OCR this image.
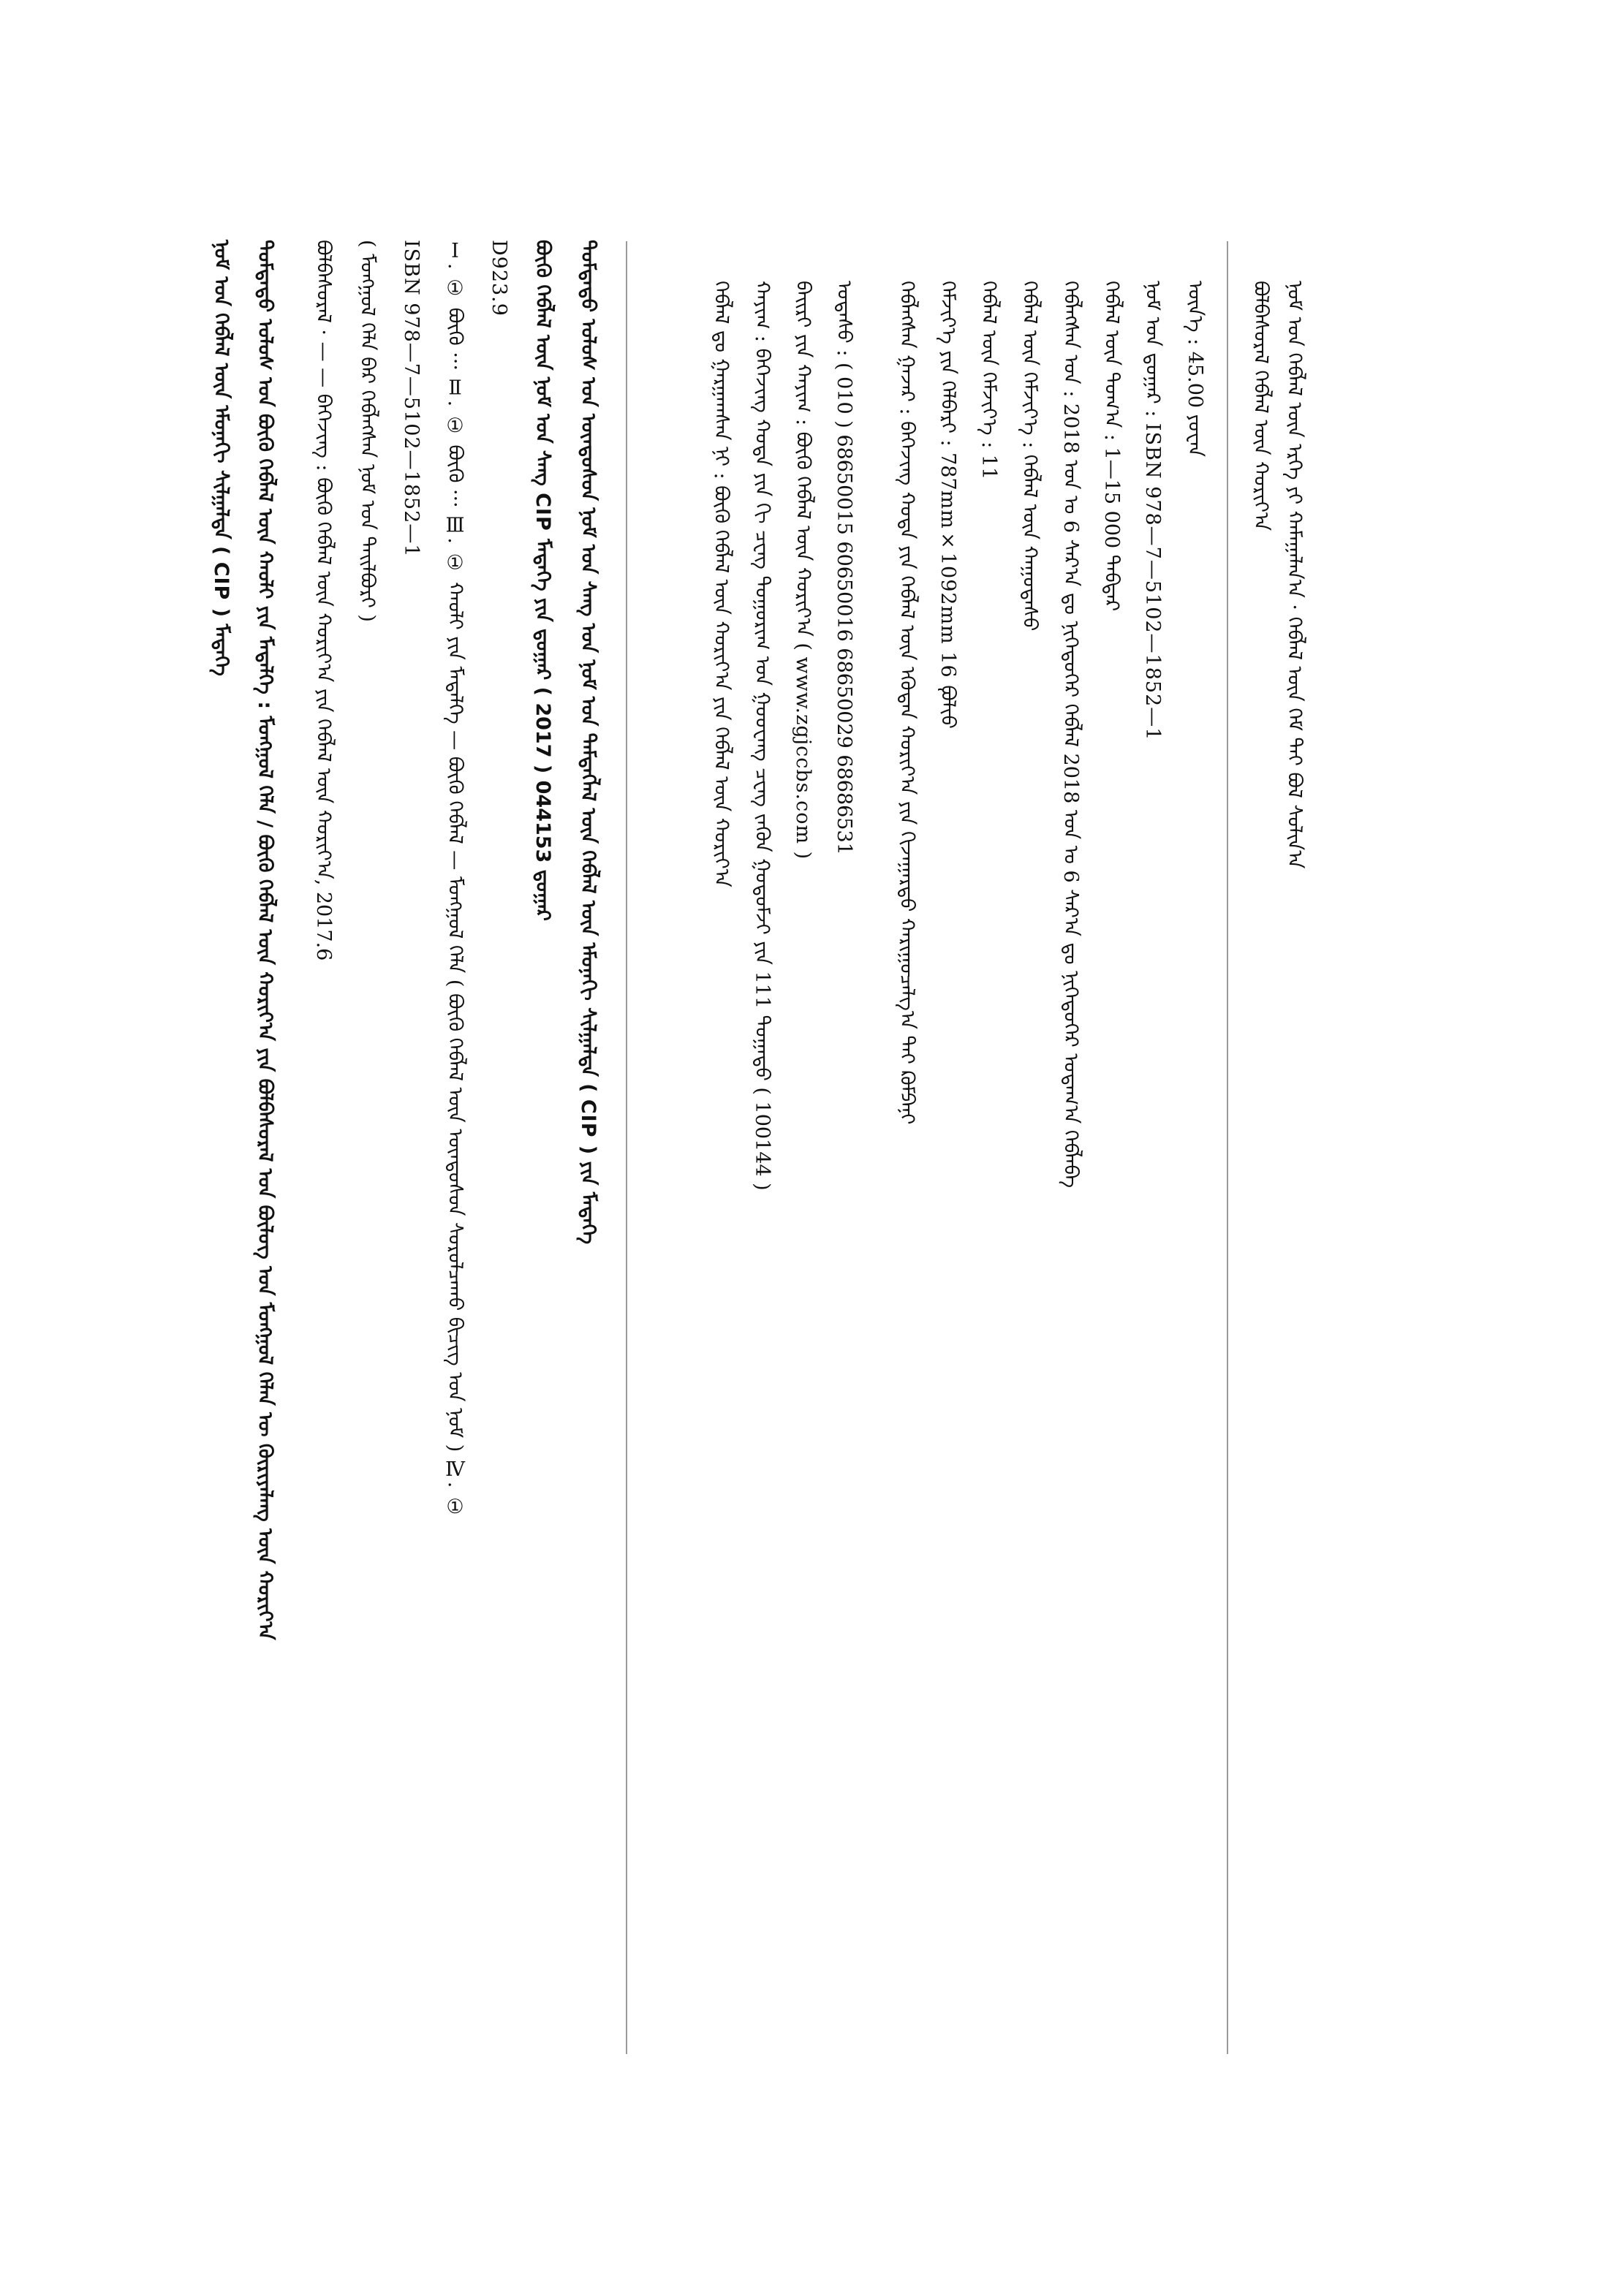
ᠨᠣᠮ ᠤᠨ ᠬᠡᠪᠯᠡᠯ ᠦᠨ ᠡᠷᠬᠡ ᠶᠢ ᠬᠠᠮᠠᠭᠠᠯᠠᠨ᠎ᠠ · ᠬᠡᠪᠯᠡᠯ ᠦᠨ ᠭᠡᠮ ᠲᠡᠢ ᠪᠣᠯ ᠰᠣᠯᠢᠨ᠎ᠠ
ᠪᠣᠯᠪᠠᠰᠤᠷᠠᠯ ᠬᠡᠪᠯᠡᠯ ᠦᠨ ᠬᠣᠷᠢᠶ᠎ᠠ
ᠦᠨ᠎ᠡ : 45.00 ᠶᠤᠸᠠᠨ
ᠨᠣᠮ ᠤᠨ ᠳ᠋ᠤᠭᠠᠷ : ISBN 978—7—5102—1852—1
ᠬᠡᠪᠯᠡᠯ ᠦᠨ ᠲᠣᠭ᠎ᠠ : 1—15 000 ᠳᠡᠪᠲᠡᠷ
ᠬᠡᠪᠯᠡᠭᠰᠡᠨ ᠣᠨ : 2018 ᠣᠨ ᠤ 6 ᠰᠠᠷ᠎ᠠ ᠳᠤ ᠨᠢᠭᠡᠳᠦᠭᠡᠷ ᠬᠡᠪᠯᠡᠯ 2018 ᠣᠨ ᠤ 6 ᠰᠠᠷ᠎ᠠ ᠳᠤ ᠨᠢᠭᠡᠳᠦᠭᠡᠷ ᠤᠳᠠᠭ᠎ᠠ ᠬᠡᠪᠯᠡᠪᠡ
ᠬᠡᠪᠯᠡᠯ ᠦᠨ ᠬᠡᠮᠵᠢᠶ᠎ᠡ : ᠬᠡᠪᠯᠡᠯ ᠦᠨ ᠬᠠᠭᠤᠳᠠᠰᠤ
ᠬᠡᠪᠯᠡᠯ ᠦᠨ ᠬᠡᠮᠵᠢᠶ᠎ᠡ : 11
ᠬᠡᠮᠵᠢᠶ᠎ᠡ ᠶᠢᠨ ᠬᠡᠯᠪᠡᠷᠢ : 787mm×1092mm 16 ᠹᠣᠯᠢᠣ
ᠬᠡᠪᠯᠡᠭᠰᠡᠨ ᠭᠠᠵᠠᠷ : ᠪᠡᠭᠡᠵᠢᠩ ᠬᠣᠳᠠ ᠶᠢᠨ ᠬᠡᠪᠯᠡᠯ ᠦᠨ ᠡᠭᠦᠳᠡᠨ ᠬᠣᠷᠢᠶ᠎ᠠ ᠶᠢᠨ ᠬᠢᠵᠠᠭᠠᠷᠲᠤ ᠬᠠᠷᠢᠭᠤᠴᠠᠯᠭ᠎ᠠ ᠲᠠᠢ ᠺᠣᠮᠫᠠᠨᠢ
ᠤᠲᠠᠰᠤ : ( 010 ) 68650015 60650016 68650029 68686531
ᠪᠠᠢᠷᠢ ᠶᠢᠨ ᠬᠠᠶᠢᠭ : ᠪᠦᠬᠦ ᠬᠡᠪᠯᠡᠯ ᠦᠨ ᠬᠣᠷᠢᠶ᠎ᠠ ( www.zgjccbs.com )
ᠬᠠᠶᠢᠭ : ᠪᠡᠭᠡᠵᠢᠩ ᠬᠣᠳᠠ ᠶᠢᠨ ᠬᠢ ᠴᠧᠩ ᠲᠣᠭᠣᠷᠢᠭ ᠤᠨ ᠭᠤᠤᠸᠠᠩ ᠴᠧᠩ ᠵᠡᠭᠦᠨ ᠭᠤᠳᠤᠮᠵᠢ ᠶᠢᠨ 111 ᠲᠣᠭᠠᠲᠤ ( 100144 )
ᠬᠡᠪᠯᠡᠯ ᠳᠤ ᠭᠠᠷᠭᠠᠭᠰᠠᠨ ᠨᠢ : ᠪᠦᠬᠦ ᠬᠡᠪᠯᠡᠯ ᠦᠨ ᠬᠣᠷᠢᠶ᠎ᠠ ᠶᠢᠨ ᠬᠡᠪᠯᠡᠯ ᠦᠨ ᠬᠣᠷᠢᠶ᠎ᠠ
ᠳᠤᠮᠳᠠᠳᠤ ᠤᠯᠤᠰ ᠤᠨ ᠦᠨᠳᠦᠰᠦᠨ ᠨᠣᠮ ᠤᠨ ᠰᠠᠩ ᠤᠨ ᠨᠣᠮ ᠤᠨ ᠲᠡᠮᠳᠡᠭᠯᠡᠯ ᠦᠨ ᠬᠡᠪᠯᠡᠯ ᠦᠨ ᠡᠮᠦᠨᠡᠬᠢ ᠰᠢᠯᠭᠠᠯᠲᠠ ( CIP ) ᠶᠢᠨ ᠮᠡᠳᠡᠭᠡ
ᠪᠦᠬᠦ ᠬᠡᠪᠯᠡᠯ ᠦᠨ ᠨᠣᠮ ᠤᠨ ᠰᠠᠩ CIP ᠮᠡᠳᠡᠭᠡ ᠶᠢᠨ ᠳ᠋ᠤᠭᠠᠷ ( 2017 ) 044153 ᠳ᠋ᠤᠭᠠᠷ
D923.9
Ⅰ. ① ᠪᠦᠬᠦ ··· Ⅱ. ① ᠪᠦᠬᠦ ··· Ⅲ. ① ᠬᠠᠤᠯᠢ ᠶᠢᠨ ᠮᠡᠳᠡᠯᠭᠡ — ᠪᠦᠬᠦ ᠬᠡᠪᠯᠡᠯ — ᠮᠣᠩᠭᠣᠯ ᠬᠡᠯᠡ ( ᠪᠦᠬᠦ ᠬᠡᠪᠯᠡᠯ ᠦᠨ ᠦᠨᠳᠦᠰᠦᠨ ᠰᠤᠷᠤᠯᠴᠠᠬᠤ ᠪᠢᠴᠢᠭ ᠤᠨ ᠨᠣᠮ ) Ⅳ. ①
ISBN 978—7—5102—1852—1
( ᠮᠣᠩᠭᠣᠯ ᠬᠡᠯᠡ ᠪᠡᠷ ᠬᠡᠪᠯᠡᠭᠰᠡᠨ ᠨᠣᠮ ᠤᠨ ᠲᠠᠢᠯᠪᠤᠷᠢ )
ᠪᠣᠯᠪᠠᠰᠤᠷᠠᠯ · — — ᠪᠡᠭᠡᠵᠢᠩ : ᠪᠦᠬᠦ ᠬᠡᠪᠯᠡᠯ ᠦᠨ ᠬᠣᠷᠢᠶ᠎ᠠ ᠶᠢᠨ ᠬᠡᠪᠯᠡᠯ ᠦᠨ ᠬᠣᠷᠢᠶ᠎ᠠ, 2017.6
ᠳᠤᠮᠳᠠᠳᠤ ᠤᠯᠤᠰ ᠤᠨ ᠪᠦᠬᠦ ᠬᠡᠪᠯᠡᠯ ᠦᠨ ᠬᠠᠤᠯᠢ ᠶᠢᠨ ᠮᠡᠳᠡᠯᠭᠡ : ᠮᠣᠩᠭᠣᠯ ᠬᠡᠯᠡ / ᠪᠦᠬᠦ ᠬᠡᠪᠯᠡᠯ ᠦᠨ ᠬᠣᠷᠢᠶ᠎ᠠ ᠶᠢᠨ ᠪᠣᠯᠪᠠᠰᠤᠷᠠᠯ ᠤᠨ ᠪᠦᠯᠦᠭ ᠤᠨ ᠮᠣᠩᠭᠣᠯ ᠬᠡᠯᠡᠨ ᠦ ᠬᠦᠷᠢᠶᠡᠯᠡᠩ ᠦᠨ ᠬᠣᠷᠢᠶ᠎ᠠ
ᠨᠣᠮ ᠤᠨ ᠬᠡᠪᠯᠡᠯ ᠦᠨ ᠡᠮᠦᠨᠡᠬᠢ ᠰᠢᠯᠭᠠᠯᠲᠠ ( CIP ) ᠮᠡᠳᠡᠭᠡ
